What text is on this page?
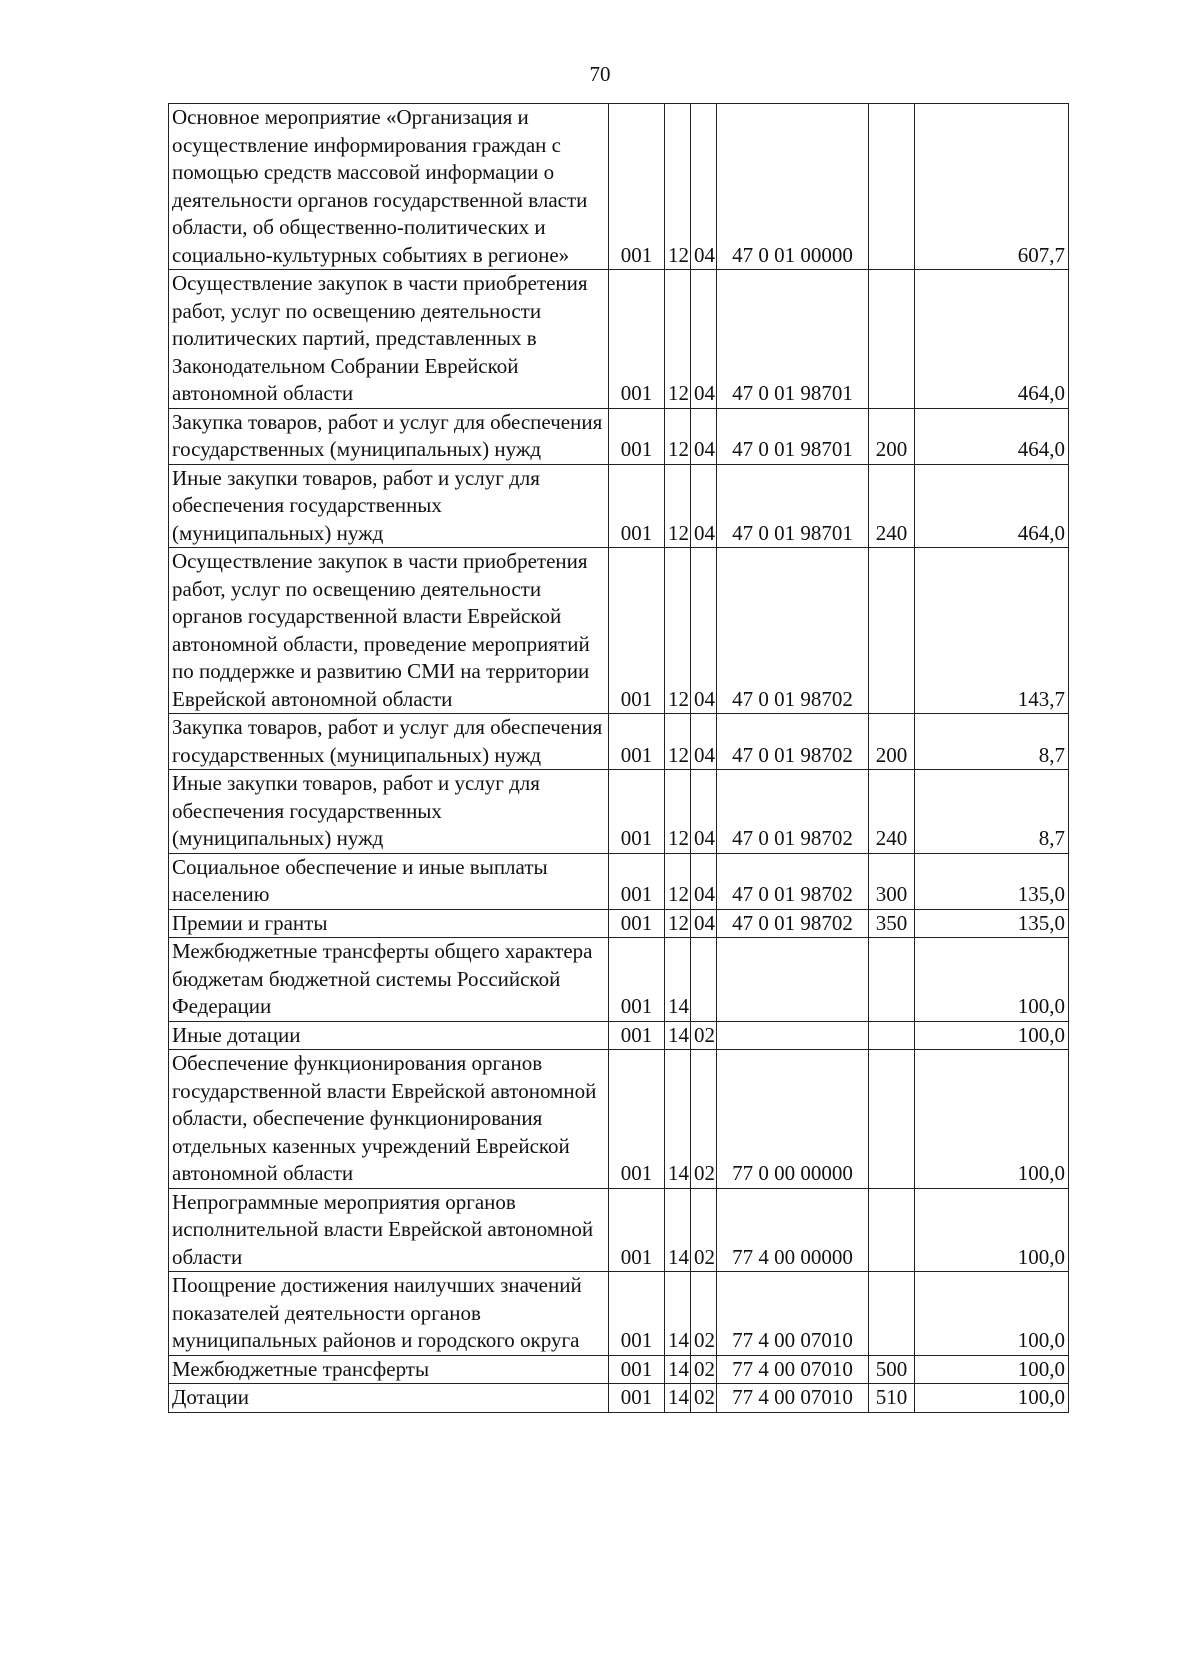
70
Основное мероприятие «Организация и осуществление информирования граждан с помощью средств массовой информации о деятельности органов государственной власти области, об общественно-политических и социально-культурных событиях в регионе»	001	12	04	47 0 01 00000		607,7
Осуществление закупок в части приобретения работ, услуг по освещению деятельности политических партий, представленных в Законодательном Собрании Еврейской автономной области	001	12	04	47 0 01 98701		464,0
Закупка товаров, работ и услуг для обеспечения государственных (муниципальных) нужд	001	12	04	47 0 01 98701	200	464,0
Иные закупки товаров, работ и услуг для обеспечения государственных (муниципальных) нужд	001	12	04	47 0 01 98701	240	464,0
Осуществление закупок в части приобретения работ, услуг по освещению деятельности органов государственной власти Еврейской автономной области, проведение мероприятий по поддержке и развитию СМИ на территории Еврейской автономной области	001	12	04	47 0 01 98702		143,7
Закупка товаров, работ и услуг для обеспечения государственных (муниципальных) нужд	001	12	04	47 0 01 98702	200	8,7
Иные закупки товаров, работ и услуг для обеспечения государственных (муниципальных) нужд	001	12	04	47 0 01 98702	240	8,7
Социальное обеспечение и иные выплаты населению	001	12	04	47 0 01 98702	300	135,0
Премии и гранты	001	12	04	47 0 01 98702	350	135,0
Межбюджетные трансферты общего характера бюджетам бюджетной системы Российской Федерации	001	14				100,0
Иные дотации	001	14	02			100,0
Обеспечение функционирования органов государственной власти Еврейской автономной области, обеспечение функционирования отдельных казенных учреждений Еврейской автономной области	001	14	02	77 0 00 00000		100,0
Непрограммные мероприятия органов исполнительной власти Еврейской автономной области	001	14	02	77 4 00 00000		100,0
Поощрение достижения наилучших значений показателей деятельности органов муниципальных районов и городского округа	001	14	02	77 4 00 07010		100,0
Межбюджетные трансферты	001	14	02	77 4 00 07010	500	100,0
Дотации	001	14	02	77 4 00 07010	510	100,0
